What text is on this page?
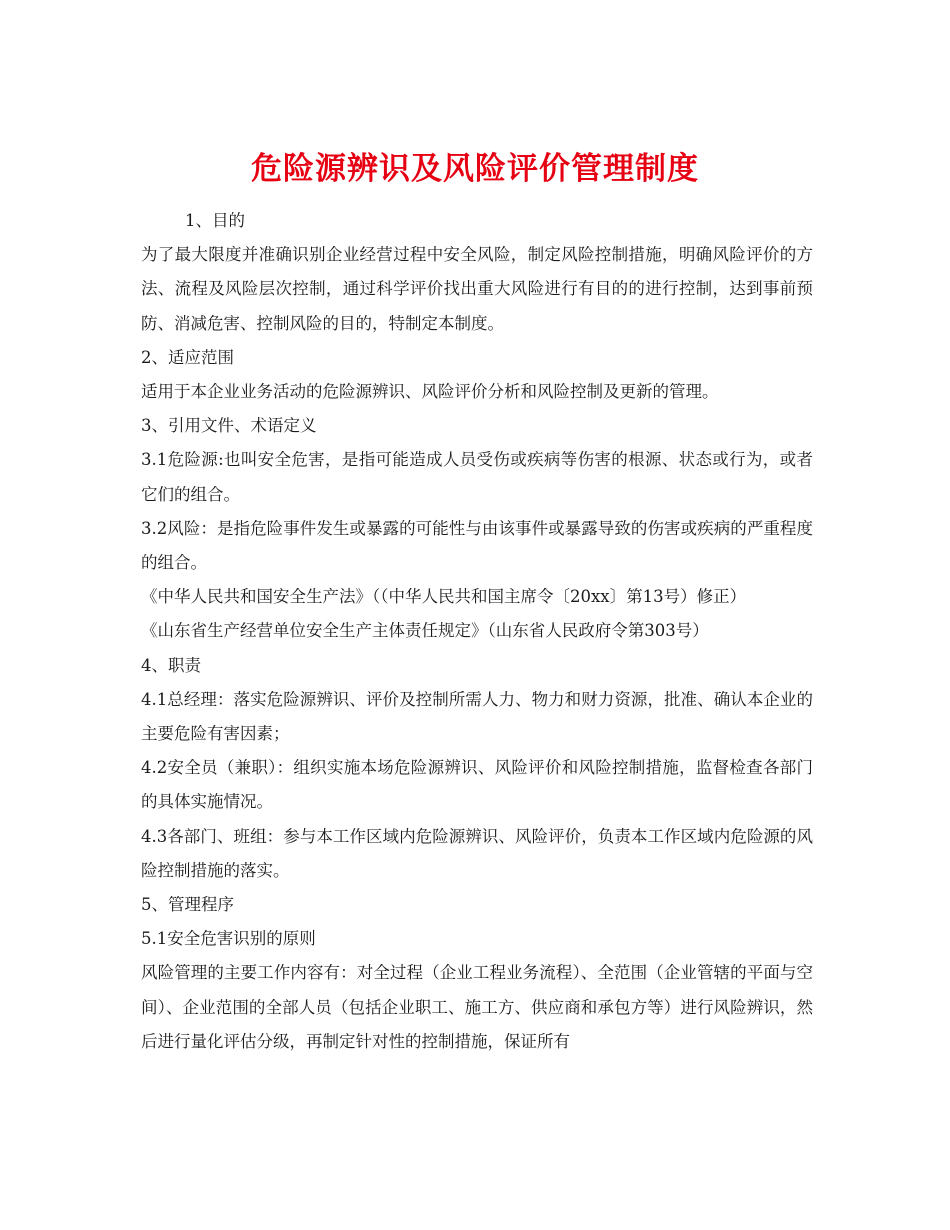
危险源辨识及风险评价管理制度

1、目的

为了最大限度并准确识别企业经营过程中安全风险，制定风险控制措施，明确风险评价的方法、流程及风险层次控制，通过科学评价找出重大风险进行有目的的进行控制，达到事前预防、消减危害、控制风险的目的，特制定本制度。

2、适应范围

适用于本企业业务活动的危险源辨识、风险评价分析和风险控制及更新的管理。

3、引用文件、术语定义

3.1危险源:也叫安全危害，是指可能造成人员受伤或疾病等伤害的根源、状态或行为，或者它们的组合。

3.2风险：是指危险事件发生或暴露的可能性与由该事件或暴露导致的伤害或疾病的严重程度的组合。

《中华人民共和国安全生产法》（（中华人民共和国主席令〔20xx〕第13号）修正）

《山东省生产经营单位安全生产主体责任规定》（山东省人民政府令第303号）

4、职责

4.1总经理：落实危险源辨识、评价及控制所需人力、物力和财力资源，批准、确认本企业的主要危险有害因素；

4.2安全员（兼职）：组织实施本场危险源辨识、风险评价和风险控制措施，监督检查各部门的具体实施情况。

4.3各部门、班组：参与本工作区域内危险源辨识、风险评价，负责本工作区域内危险源的风险控制措施的落实。

5、管理程序

5.1安全危害识别的原则

风险管理的主要工作内容有：对全过程（企业工程业务流程）、全范围（企业管辖的平面与空间）、企业范围的全部人员（包括企业职工、施工方、供应商和承包方等）进行风险辨识，然后进行量化评估分级，再制定针对性的控制措施，保证所有
